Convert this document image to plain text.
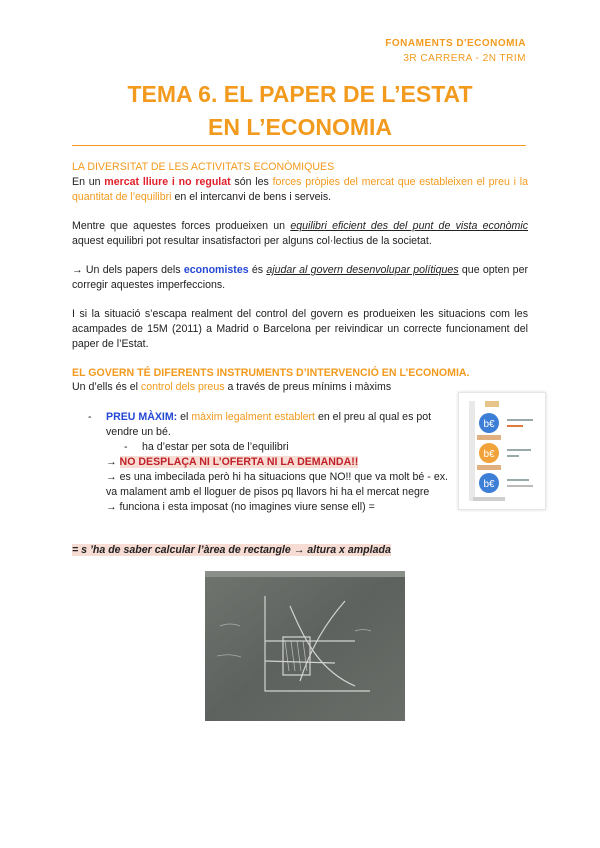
FONAMENTS D'ECONOMIA
3R CARRERA - 2N TRIM
TEMA 6. EL PAPER DE L’ESTAT
EN L’ECONOMIA
LA DIVERSITAT DE LES ACTIVITATS ECONÒMIQUES
En un mercat lliure i no regulat són les forces pròpies del mercat que estableixen el preu i la quantitat de l’equilibri en el intercanvi de bens i serveis.
Mentre que aquestes forces produeixen un equilibri eficient des del punt de vista econòmic aquest equilibri pot resultar insatisfactori per alguns col·lectius de la societat.
→ Un dels papers dels economistes és ajudar al govern desenvolupar polítiques que opten per corregir aquestes imperfeccions.
I si la situació s’escapa realment del control del govern es produeixen les situacions com les acampades de 15M (2011) a Madrid o Barcelona per reivindicar un correcte funcionament del paper de l’Estat.
EL GOVERN TÉ DIFERENTS INSTRUMENTS D’INTERVENCIÓ EN L’ECONOMIA.
Un d’ells és el control dels preus a través de preus mínims i màxims
- PREU MÀXIM: el màxim legalment establert en el preu al qual es pot vendre un bé.
- ha d’estar per sota de l’equilibri
→ NO DESPLAÇA NI L’OFERTA NI LA DEMANDA!!
→ es una imbecilada però hi ha situacions que NO!! que va molt bé - ex. va malament amb el lloguer de pisos pq llavors hi ha el mercat negre
→ funciona i esta imposat (no imagines viure sense ell) =
b€
b€
b€
= s ’ha de saber calcular l’àrea de rectangle → altura x amplada
